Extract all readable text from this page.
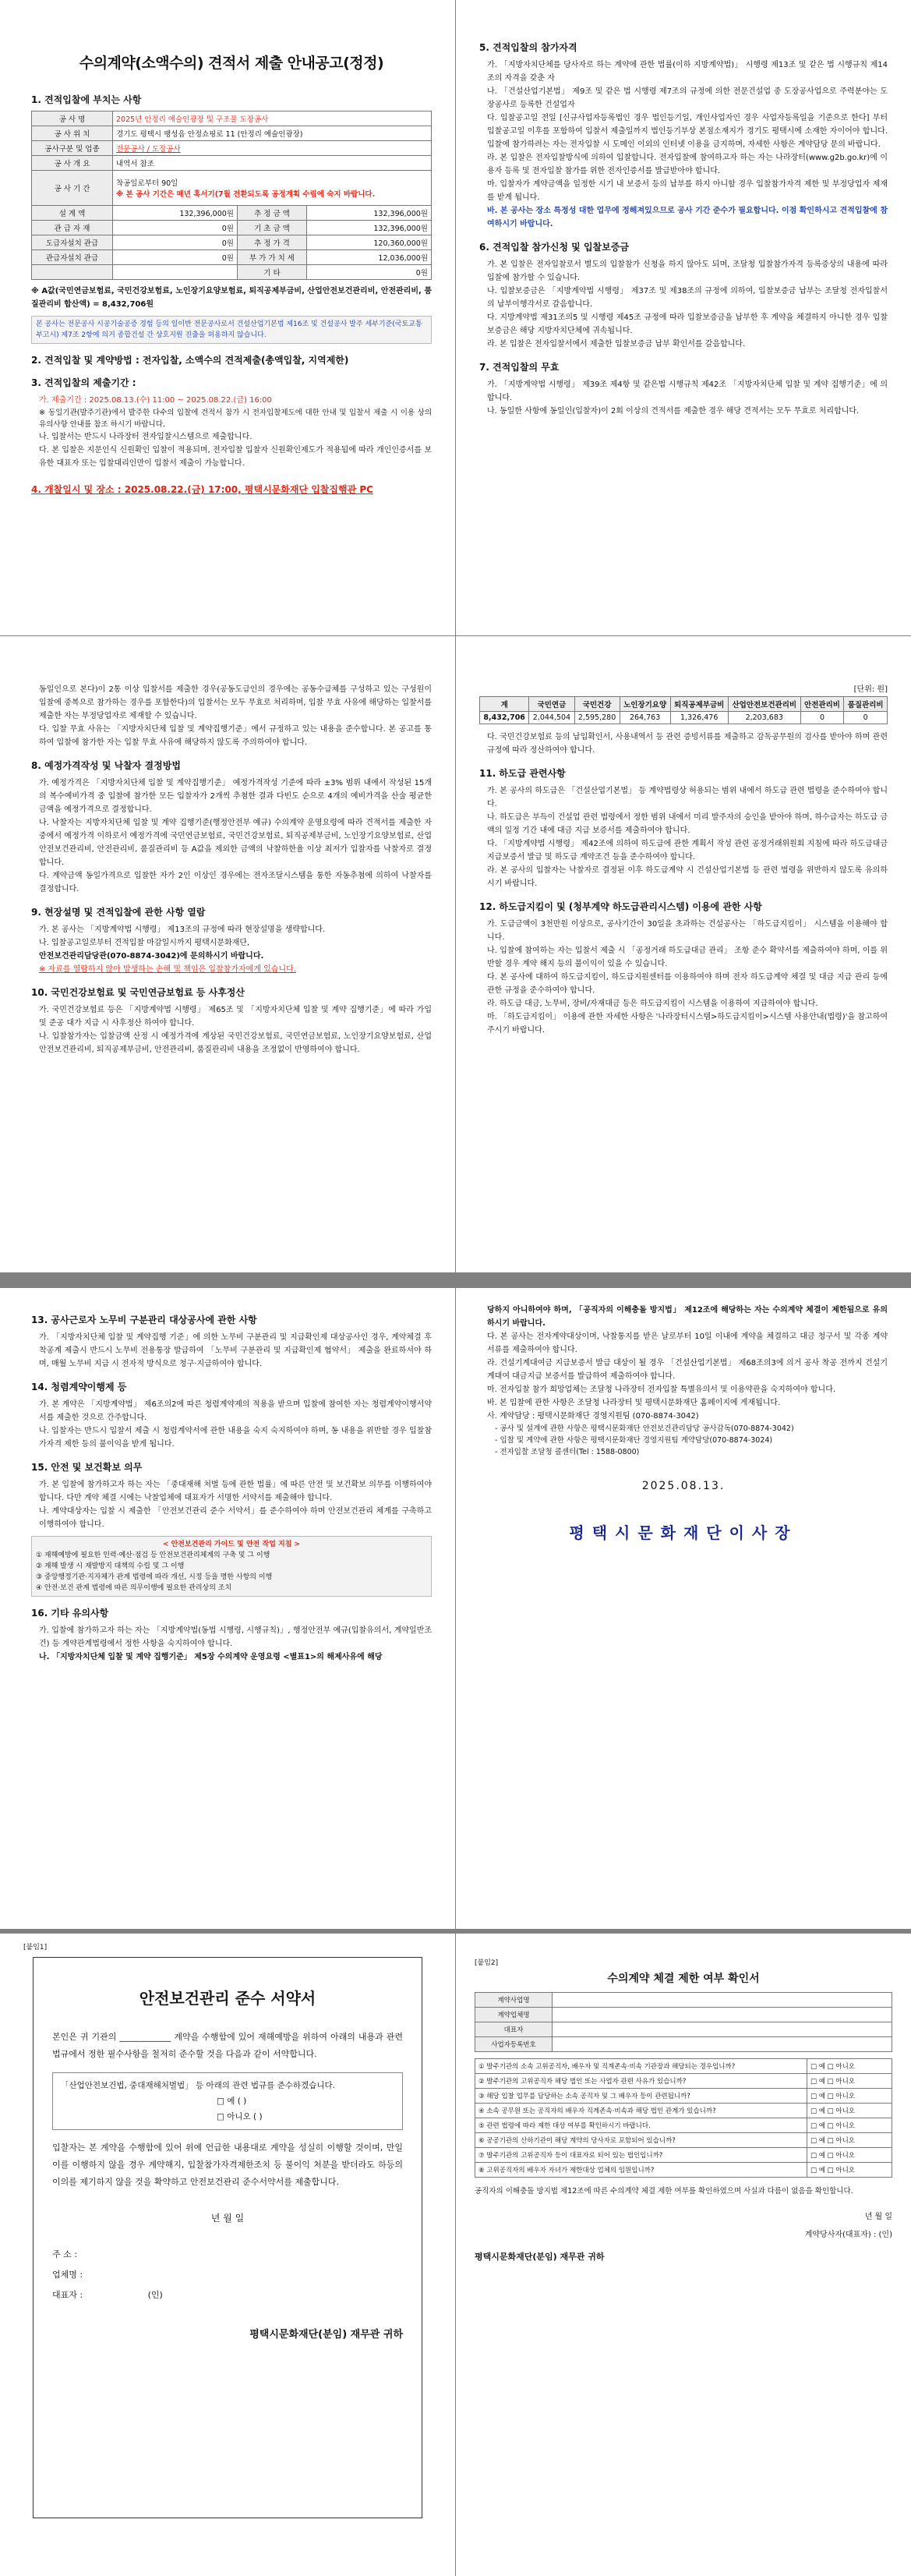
수의계약(소액수의) 견적서 제출 안내공고(정정)
1. 견적입찰에 부치는 사항
공 사 명	2025년 안정리 예술인광장 및 구조물 도장공사		
공 사 위 치	경기도 평택시 팽성읍 안정쇼핑로 11 (안정리 예술인광장)		
공사구분 및 업종	전문공사 / 도장공사		
공 사 개 요	내역서 참조		
공 사 기 간	착공일로부터 90일
※ 본 공사 기간은 매년 혹서기(7월 전환되도록 공정계획 수립에 숙지 바랍니다.		

설 계 액	132,396,000원	추 정 금 액	132,396,000원
관 급 자 재	0원	기 초 금 액	132,396,000원
도급자설치 관급	0원	추 정 가 격	120,360,000원
관급자설치 관급	0원	부 가 가 치 세	12,036,000원
		기 타	0원
※ A값(국민연금보험료, 국민건강보험료, 노인장기요양보험료, 퇴직공제부금비, 산업안전보건관리비, 안전관리비, 품질관리비 합산액) = 8,432,706원
본 공사는 전문공사 시공기술공증 경험 등의 일이반 전문공사로서 건설산업기본법 제16조 및 건설공사 발주 세부기준(국토교통부고시) 제7조 2항에 의거 종합건설 간 상호지원 진출을 허용하지 않습니다.
2. 견적입찰 및 계약방법 : 전자입찰, 소액수의 견적제출(총액입찰, 지역제한)
3. 견적입찰의 제출기간 :
가. 제출기간 : 2025.08.13.(수) 11:00 ~ 2025.08.22.(금) 16:00
※ 동일기관(발주기관)에서 발주한 다수의 입찰에 견적서 참가 시 전자입찰제도에 대한 안내 및 입찰서 제출 시 이용 상의 유의사항 안내를 참조 하시기 바랍니다.
나. 입찰서는 반드시 나라장터 전자입찰시스템으로 제출합니다.
다. 본 입찰은 지문인식 신원확인 입찰이 적용되며, 전자입찰 입찰자 신원확인제도가 적용됨에 따라 개인인증서를 보유한 대표자 또는 입찰대리인만이 입찰서 제출이 가능합니다.
4. 개찰일시 및 장소 : 2025.08.22.(금) 17:00, 평택시문화재단 입찰집행관 PC
5. 견적입찰의 참가자격
가. 「지방자치단체를 당사자로 하는 계약에 관한 법률(이하 지방계약법)」 시행령 제13조 및 같은 법 시행규칙 제14조의 자격을 갖춘 자
나. 「건설산업기본법」 제9조 및 같은 법 시행령 제7조의 규정에 의한 전문건설업 중 도장공사업으로 주력분야는 도장공사로 등록한 건설업자
다. 입찰공고일 전일 [신규사업자등록법인 경우 법인등기일, 개인사업자인 경우 사업자등록일을 기준으로 한다] 부터 입찰공고일 이후를 포함하여 입찰서 제출일까지 법인등기부상 본점소재지가 경기도 평택시에 소재한 자이어야 합니다. 입찰에 참가하려는 자는 전자입찰 시 도메인 이외의 인터넷 이용을 금지하며, 자세한 사항은 계약담당 문의 바랍니다.
라. 본 입찰은 전자입찰방식에 의하여 입찰합니다. 전자입찰에 참여하고자 하는 자는 나라장터(www.g2b.go.kr)에 이용자 등록 및 전자입찰 참가를 위한 전자인증서를 발급받아야 합니다.
마. 입찰자가 계약금액을 일정한 시기 내 보증서 등의 납부를 하지 아니할 경우 입찰참가자격 제한 및 부정당업자 제재를 받게 됩니다.
바. 본 공사는 장소 특정성 대한 업무에 정해져있으므로 공사 기간 준수가 필요합니다. 이점 확인하시고 견적입찰에 참여하시기 바랍니다.
6. 견적입찰 참가신청 및 입찰보증금
가. 본 입찰은 전자입찰로서 별도의 입찰참가 신청을 하지 않아도 되며, 조달청 입찰참가자격 등록증상의 내용에 따라 입찰에 참가할 수 있습니다.
나. 입찰보증금은 「지방계약법 시행령」 제37조 및 제38조의 규정에 의하여, 입찰보증금 납부는 조달청 전자입찰서의 납부이행각서로 갈음합니다.
다. 지방계약법 제31조의5 및 시행령 제45조 규정에 따라 입찰보증금을 납부한 후 계약을 체결하지 아니한 경우 입찰보증금은 해당 지방자치단체에 귀속됩니다.
라. 본 입찰은 전자입찰서에서 제출한 입찰보증금 납부 확인서를 갈음합니다.
7. 견적입찰의 무효
가. 「지방계약법 시행령」 제39조 제4항 및 같은법 시행규칙 제42조 「지방자치단체 입찰 및 계약 집행기준」에 의합니다.
나. 동일한 사항에 동일인(입찰자)이 2회 이상의 견적서를 제출한 경우 해당 견적서는 모두 무효로 처리합니다.
동일인으로 본다)이 2통 이상 입찰서를 제출한 경우(공동도급인의 경우에는 공동수급체를 구성하고 있는 구성원이 입찰에 중복으로 참가하는 경우를 포함한다)의 입찰서는 모두 무효로 처리하며, 입찰 무효 사유에 해당하는 입찰서를 제출한 자는 부정당업자로 제재할 수 있습니다.
다. 입찰 무효 사유는 「지방자치단체 입찰 및 계약집행기준」에서 규정하고 있는 내용을 준수합니다. 본 공고를 통하여 입찰에 참가한 자는 입찰 무효 사유에 해당하지 않도록 주의하여야 합니다.
8. 예정가격작성 및 낙찰자 결정방법
가. 예정가격은 「지방자치단체 입찰 및 계약집행기준」 예정가격작성 기준에 따라 ±3% 범위 내에서 작성된 15개의 복수예비가격 중 입찰에 참가한 모든 입찰자가 2개씩 추첨한 결과 다빈도 순으로 4개의 예비가격을 산술 평균한 금액을 예정가격으로 결정합니다.
나. 낙찰자는 지방자치단체 입찰 및 계약 집행기준(행정안전부 예규) 수의계약 운영요령에 따라 견적서를 제출한 자 중에서 예정가격 이하로서 예정가격에 국민연금보험료, 국민건강보험료, 퇴직공제부금비, 노인장기요양보험료, 산업안전보건관리비, 안전관리비, 품질관리비 등 A값을 제외한 금액의 낙찰하한율 이상 최저가 입찰자를 낙찰자로 결정합니다.
다. 계약금액 동일가격으로 입찰한 자가 2인 이상인 경우에는 전자조달시스템을 통한 자동추첨에 의하여 낙찰자를 결정합니다.
9. 현장설명 및 견적입찰에 관한 사항 열람
가. 본 공사는 「지방계약법 시행령」 제13조의 규정에 따라 현장설명을 생략합니다.
나. 입찰공고일로부터 견적입찰 마감일시까지 평택시문화재단,
안전보건관리담당관(070-8874-3042)에 문의하시기 바랍니다.
※ 자료를 열람하지 않아 발생하는 손해 및 책임은 입찰참가자에게 있습니다.
10. 국민건강보험료 및 국민연금보험료 등 사후정산
가. 국민건강보험료 등은 「지방계약법 시행령」 제65조 및 「지방자치단체 입찰 및 계약 집행기준」에 따라 가입 및 준공 대가 지급 시 사후정산 하여야 합니다.
나. 입찰참가자는 입찰금액 산정 시 예정가격에 계상된 국민건강보험료, 국민연금보험료, 노인장기요양보험료, 산업안전보건관리비, 퇴직공제부금비, 안전관리비, 품질관리비 내용을 조정없이 반영하여야 합니다.
[단위: 원]
계	국민연금	국민건강	노인장기요양	퇴직공제부금비	산업안전보건관리비	안전관리비	품질관리비
8,432,706	2,044,504	2,595,280	264,763	1,326,476	2,203,683	0	0
다. 국민건강보험료 등의 납입확인서, 사용내역서 등 관련 증빙서류를 제출하고 감독공무원의 검사를 받아야 하며 관련 규정에 따라 정산하여야 합니다.
11. 하도급 관련사항
가. 본 공사의 하도급은 「건설산업기본법」 등 계약법령상 허용되는 범위 내에서 하도급 관련 법령을 준수하여야 합니다.
나. 하도급은 부득이 건설업 관련 법령에서 정한 범위 내에서 미리 발주자의 승인을 받아야 하며, 하수급자는 하도급 금액의 일정 기간 내에 대금 지급 보증서를 제출하여야 합니다.
다. 「지방계약법 시행령」 제42조에 의하여 하도급에 관한 계획서 작성 관련 공정거래위원회 지침에 따라 하도급대금 지급보증서 발급 및 하도급 계약조건 등을 준수하여야 합니다.
라. 본 공사의 입찰자는 낙찰자로 결정된 이후 하도급계약 시 건설산업기본법 등 관련 법령을 위반하지 않도록 유의하시기 바랍니다.
12. 하도급지킴이 및 (청부계약 하도급관리시스템) 이용에 관한 사항
가. 도급금액이 3천만원 이상으로, 공사기간이 30일을 초과하는 건설공사는 「하도급지킴이」 시스템을 이용해야 합니다.
나. 입찰에 참여하는 자는 입찰서 제출 시 「공정거래 하도급대금 관리」 조항 준수 확약서를 제출하여야 하며, 이를 위반할 경우 계약 해지 등의 불이익이 있을 수 있습니다.
다. 본 공사에 대하여 하도급지킴이, 하도급지원센터를 이용하여야 하며 전자 하도급계약 체결 및 대금 지급 관리 등에 관한 규정을 준수하여야 합니다.
라. 하도급 대금, 노무비, 장비/자재대금 등은 하도급지킴이 시스템을 이용하여 지급하여야 합니다.
마. 「하도급지킴이」 이용에 관한 자세한 사항은 '나라장터시스템>하도급지킴이>시스템 사용안내(법령)'을 참고하여 주시기 바랍니다.
13. 공사근로자 노무비 구분관리 대상공사에 관한 사항
가. 「지방자치단체 입찰 및 계약집행 기준」에 의한 노무비 구분관리 및 지급확인제 대상공사인 경우, 계약체결 후 착공계 제출시 반드시 노무비 전용통장 발급하여 「노무비 구분관리 및 지급확인제 협약서」 제출을 완료하셔야 하며, 매월 노무비 지급 시 전자적 방식으로 청구·지급하여야 합니다.
14. 청렴계약이행제 등
가. 본 계약은 「지방계약법」 제6조의2에 따른 청렴계약제의 적용을 받으며 입찰에 참여한 자는 청렴계약이행서약서를 제출한 것으로 간주합니다.
나. 입찰자는 반드시 입찰서 제출 시 청렴계약서에 관한 내용을 숙지 숙지하여야 하며, 동 내용을 위반할 경우 입찰참가자격 제한 등의 불이익을 받게 됩니다.
15. 안전 및 보건확보 의무
가. 본 입찰에 참가하고자 하는 자는 「중대재해 처벌 등에 관한 법률」에 따른 안전 및 보건확보 의무를 이행하여야 합니다. 다만 계약 체결 시에는 낙찰업체에 대표자가 서명한 서약서를 제출해야 합니다.
나. 계약대상자는 입찰 시 제출한 「안전보건관리 준수 서약서」를 준수하여야 하며 안전보건관리 체계를 구축하고 이행하여야 합니다.
< 안전보건관리 가이드 및 안전 작업 지침 >
① 재해예방에 필요한 인력·예산·점검 등 안전보건관리체계의 구축 및 그 이행
② 재해 발생 시 재발방지 대책의 수립 및 그 이행
③ 중앙행정기관·지자체가 관계 법령에 따라 개선, 시정 등을 명한 사항의 이행
④ 안전·보건 관계 법령에 따른 의무이행에 필요한 관리상의 조치
16. 기타 유의사항
가. 입찰에 참가하고자 하는 자는 「지방계약법(동법 시행령, 시행규칙)」, 행정안전부 예규(입찰유의서, 계약일반조건) 등 계약관계법령에서 정한 사항을 숙지하여야 합니다.
나. 「지방자치단체 입찰 및 계약 집행기준」 제5장 수의계약 운영요령 <별표1>의 해제사유에 해당
당하지 아니하여야 하며, 「공직자의 이해충돌 방지법」 제12조에 해당하는 자는 수의계약 체결이 제한됨으로 유의하시기 바랍니다.
다. 본 공사는 전자계약대상이며, 낙찰통지를 받은 날로부터 10일 이내에 계약을 체결하고 대금 청구서 및 각종 계약 서류를 제출하여야 합니다.
라. 건설기계대여금 지급보증서 발급 대상이 될 경우 「건설산업기본법」 제68조의3에 의거 공사 착공 전까지 건설기계대여 대금지급 보증서를 발급하여 제출하여야 합니다.
마. 전자입찰 참가 희망업체는 조달청 나라장터 전자입찰 특별유의서 및 이용약관을 숙지하여야 합니다.
바. 본 입찰에 관한 사항은 조달청 나라장터 및 평택시문화재단 홈페이지에 게재됩니다.
사. 계약담당 : 평택시문화재단 경영지원팀 (070-8874-3042)
- 공사 및 설계에 관한 사항은 평택시문화재단 안전보건관리담당 공사감독(070-8874-3042)
- 입찰 및 계약에 관한 사항은 평택시문화재단 경영지원팀 계약담당(070-8874-3024)
- 전자입찰 조달청 콜센터(Tel : 1588-0800)
2025.08.13.
평택시문화재단이사장
[붙임1]
안전보건관리 준수 서약서
본인은 귀 기관의 ____________ 계약을 수행함에 있어 재해예방을 위하여 아래의 내용과 관련 법규에서 정한 필수사항을 철저히 준수할 것을 다음과 같이 서약합니다.
「산업안전보건법, 중대재해처벌법」 등 아래의 관련 법규를 준수하겠습니다.
□ 예 ( )
□ 아니오 ( )
입찰자는 본 계약을 수행함에 있어 위에 언급한 내용대로 계약을 성실히 이행할 것이며, 만일 이를 이행하지 않을 경우 계약해지, 입찰참가자격제한조치 등 불이익 처분을 받더라도 하등의 이의를 제기하지 않을 것을 확약하고 안전보건관리 준수서약서를 제출합니다.
년 월 일
주 소 :
업체명 :
대표자 :	(인)
평택시문화재단(분임) 재무관 귀하
[붙임2]
수의계약 체결 제한 여부 확인서
계약사업명	
계약업체명	
대표자	
사업자등록번호	
① 발주기관의 소속 고위공직자, 배우자 및 직계존속·비속 기관장과 해당되는 경우입니까?	□ 예 □ 아니오
② 발주기관의 고위공직자 해당 법인 또는 사업자 관련 사유가 있습니까?	□ 예 □ 아니오
③ 해당 입찰 업무를 담당하는 소속 공직자 및 그 배우자 등이 관련됩니까?	□ 예 □ 아니오
④ 소속 공무원 또는 공직자의 배우자 직계존속·비속과 해당 법인 관계가 있습니까?	□ 예 □ 아니오
⑤ 관련 법령에 따라 제한 대상 여부를 확인하시기 바랍니다.	□ 예 □ 아니오
⑥ 공공기관의 산하기관이 해당 계약의 당사자로 포함되어 있습니까?	□ 예 □ 아니오
⑦ 발주기관의 고위공직자 등이 대표자로 되어 있는 법인입니까?	□ 예 □ 아니오
⑧ 고위공직자의 배우자 자녀가 제한대상 업체의 임원입니까?	□ 예 □ 아니오
공직자의 이해충돌 방지법 제12조에 따른 수의계약 체결 제한 여부를 확인하였으며 사실과 다름이 없음을 확인합니다.
년 월 일
계약당사자(대표자) : (인)
평택시문화재단(분임) 재무관 귀하
